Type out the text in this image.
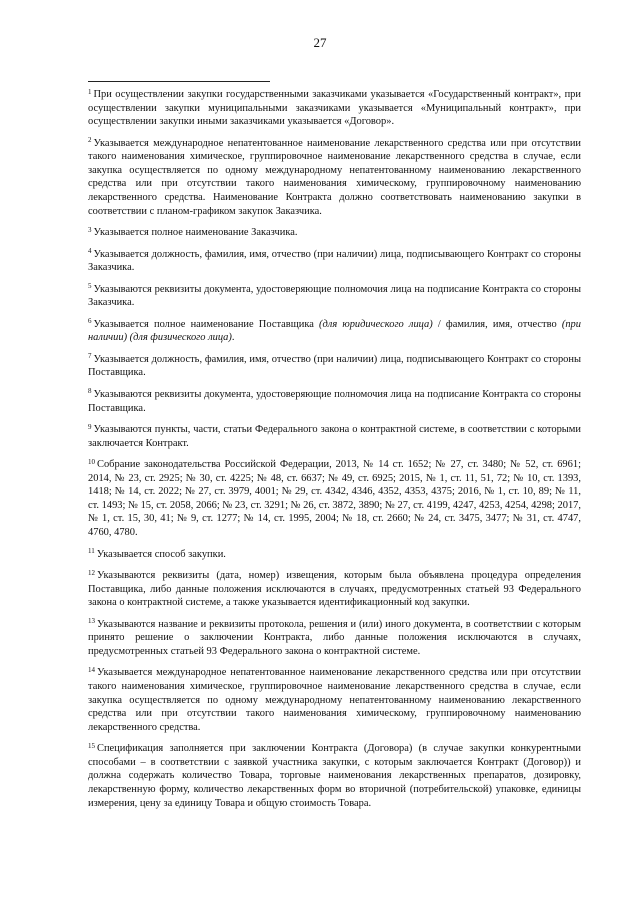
27

$^1$ При осуществлении закупки государственными заказчиками указывается «Государственный контракт», при осуществлении закупки муниципальными заказчиками указывается «Муниципальный контракт», при осуществлении закупки иными заказчиками указывается «Договор».

$^2$ Указывается международное непатентованное наименование лекарственного средства или при отсутствии такого наименования химическое, группировочное наименование лекарственного средства в случае, если закупка осуществляется по одному международному непатентованному наименованию лекарственного средства или при отсутствии такого наименования химическому, группировочному наименованию лекарственного средства. Наименование Контракта должно соответствовать наименованию закупки в соответствии с планом-графиком закупок Заказчика.

$^3$ Указывается полное наименование Заказчика.

$^4$ Указывается должность, фамилия, имя, отчество (при наличии) лица, подписывающего Контракт со стороны Заказчика.

$^5$ Указываются реквизиты документа, удостоверяющие полномочия лица на подписание Контракта со стороны Заказчика.

$^6$ Указывается полное наименование Поставщика (для юридического лица) / фамилия, имя, отчество (при наличии) (для физического лица).

$^7$ Указывается должность, фамилия, имя, отчество (при наличии) лица, подписывающего Контракт со стороны Поставщика.

$^8$ Указываются реквизиты документа, удостоверяющие полномочия лица на подписание Контракта со стороны Поставщика.

$^9$ Указываются пункты, части, статьи Федерального закона о контрактной системе, в соответствии с которыми заключается Контракт.

$^{10}$ Собрание законодательства Российской Федерации, 2013, № 14 ст. 1652; № 27, ст. 3480; № 52, ст. 6961; 2014, № 23, ст. 2925; № 30, ст. 4225; № 48, ст. 6637; № 49, ст. 6925; 2015, № 1, ст. 11, 51, 72; № 10, ст. 1393, 1418; № 14, ст. 2022; № 27, ст. 3979, 4001; № 29, ст. 4342, 4346, 4352, 4353, 4375; 2016, № 1, ст. 10, 89; № 11, ст. 1493; № 15, ст. 2058, 2066; № 23, ст. 3291; № 26, ст. 3872, 3890; № 27, ст. 4199, 4247, 4253, 4254, 4298; 2017, № 1, ст. 15, 30, 41; № 9, ст. 1277; № 14, ст. 1995, 2004; № 18, ст. 2660; № 24, ст. 3475, 3477; № 31, ст. 4747, 4760, 4780.

$^{11}$ Указывается способ закупки.

$^{12}$ Указываются реквизиты (дата, номер) извещения, которым была объявлена процедура определения Поставщика, либо данные положения исключаются в случаях, предусмотренных статьей 93 Федерального закона о контрактной системе, а также указывается идентификационный код закупки.

$^{13}$ Указываются название и реквизиты протокола, решения и (или) иного документа, в соответствии с которым принято решение о заключении Контракта, либо данные положения исключаются в случаях, предусмотренных статьей 93 Федерального закона о контрактной системе.

$^{14}$ Указывается международное непатентованное наименование лекарственного средства или при отсутствии такого наименования химическое, группировочное наименование лекарственного средства в случае, если закупка осуществляется по одному международному непатентованному наименованию лекарственного средства или при отсутствии такого наименования химическому, группировочному наименованию лекарственного средства.

$^{15}$ Спецификация заполняется при заключении Контракта (Договора) (в случае закупки конкурентными способами – в соответствии с заявкой участника закупки, с которым заключается Контракт (Договор)) и должна содержать количество Товара, торговые наименования лекарственных препаратов, дозировку, лекарственную форму, количество лекарственных форм во вторичной (потребительской) упаковке, единицы измерения, цену за единицу Товара и общую стоимость Товара.
